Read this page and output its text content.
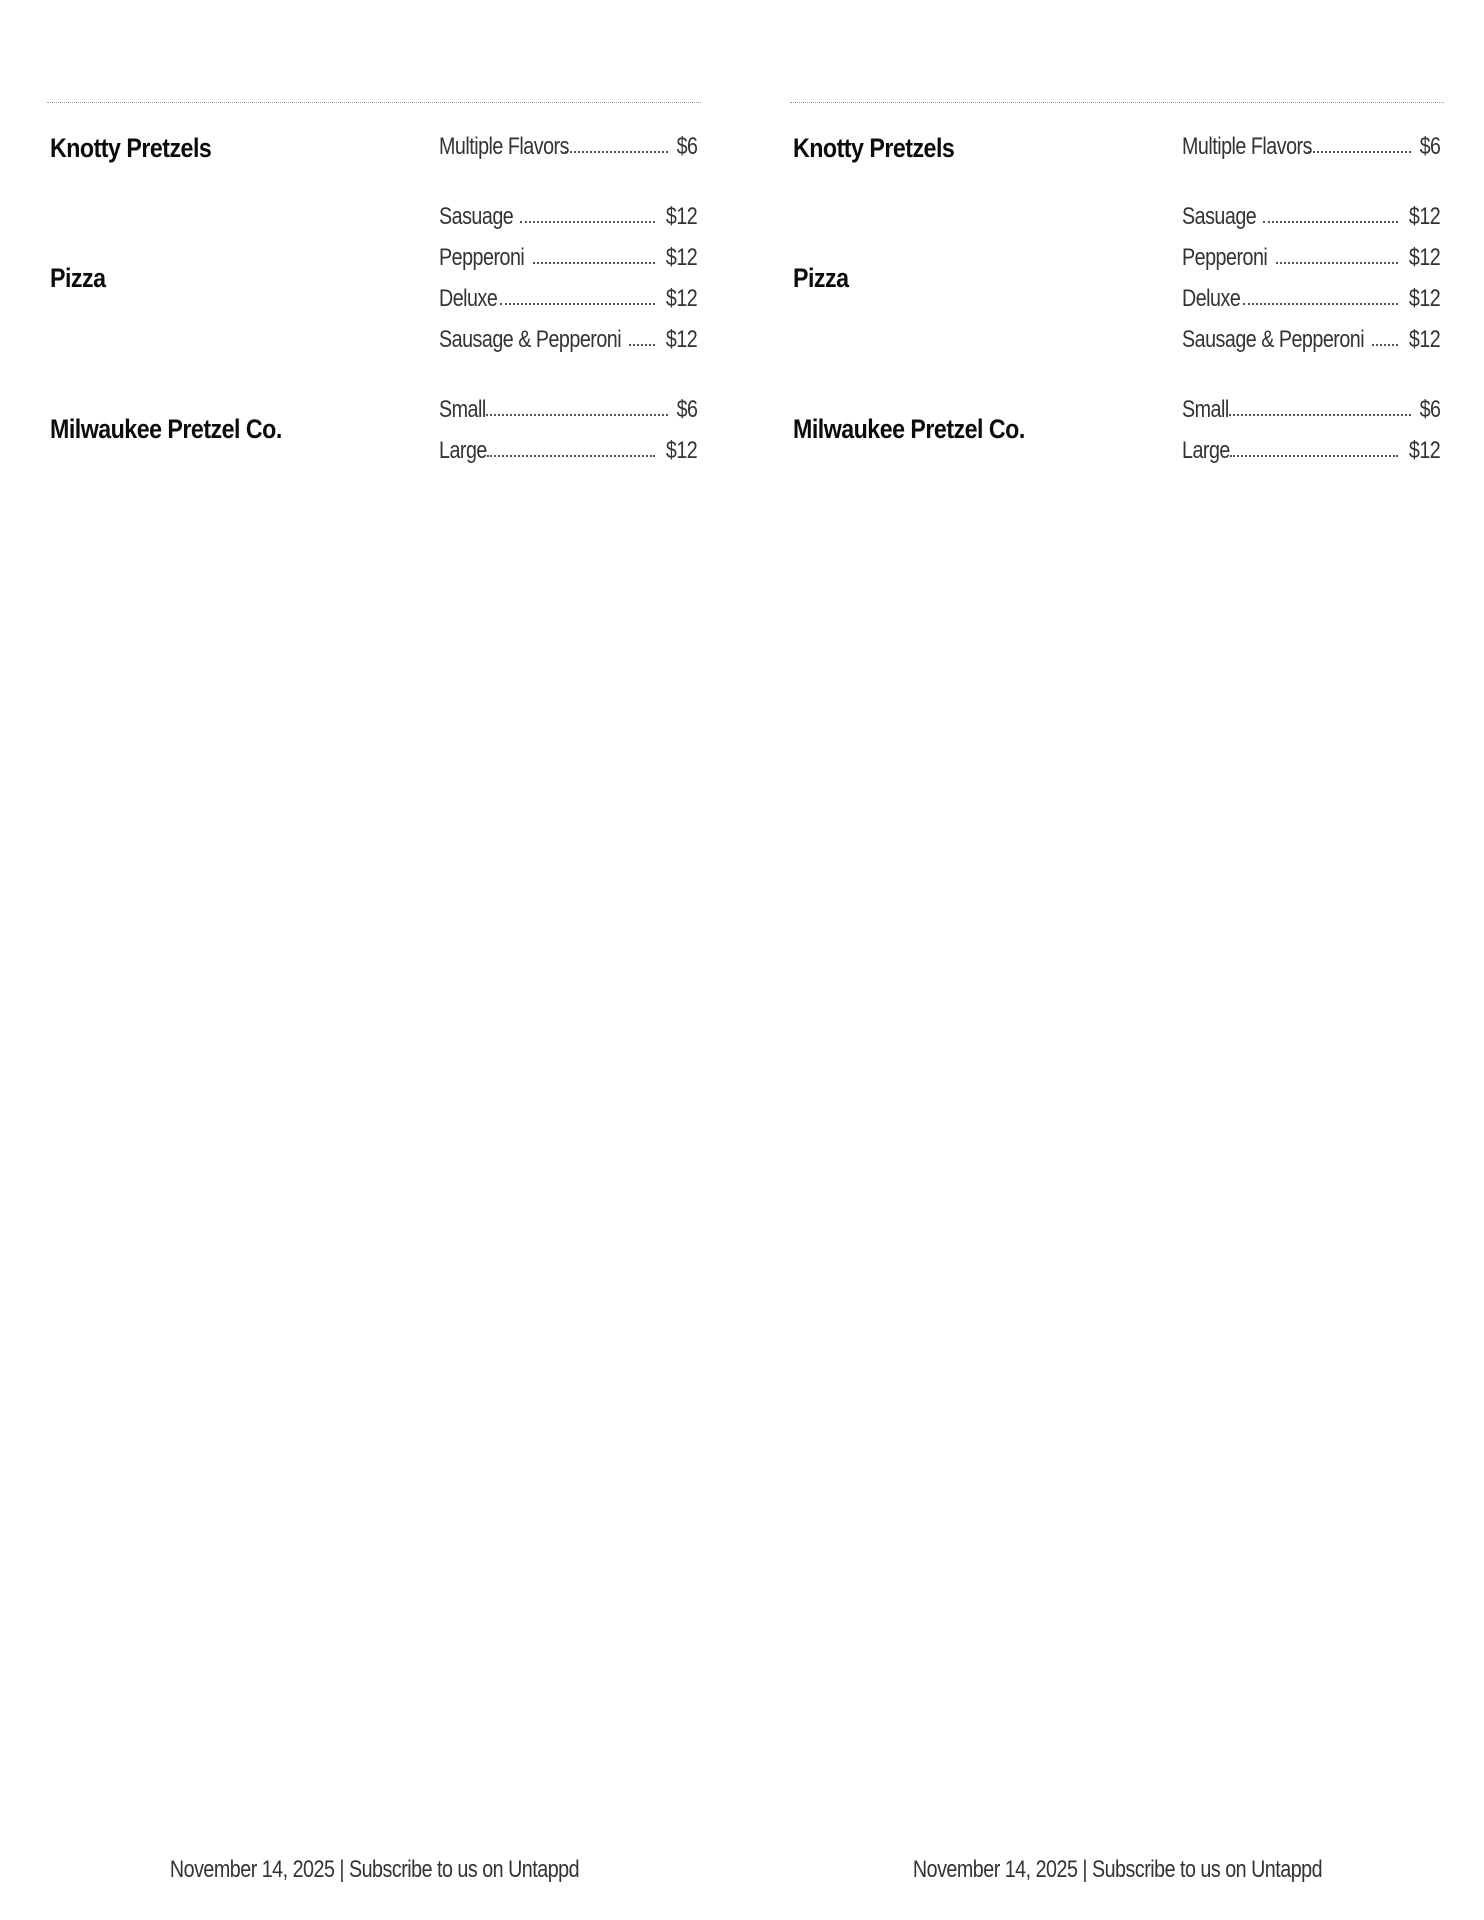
Knotty Pretzels	Multiple Flavors	$6
Pizza
Sasuage	$12
Pepperoni	$12
Deluxe	$12
Sausage & Pepperoni $12
Milwaukee Pretzel Co.
Small	$6
Large	$12
November 14, 2025 | Subscribe to us on Untappd
Knotty Pretzels	Multiple Flavors	$6
Pizza
Sasuage	$12
Pepperoni	$12
Deluxe	$12
Sausage & Pepperoni $12
Milwaukee Pretzel Co.
Small	$6
Large	$12
November 14, 2025 | Subscribe to us on Untappd
